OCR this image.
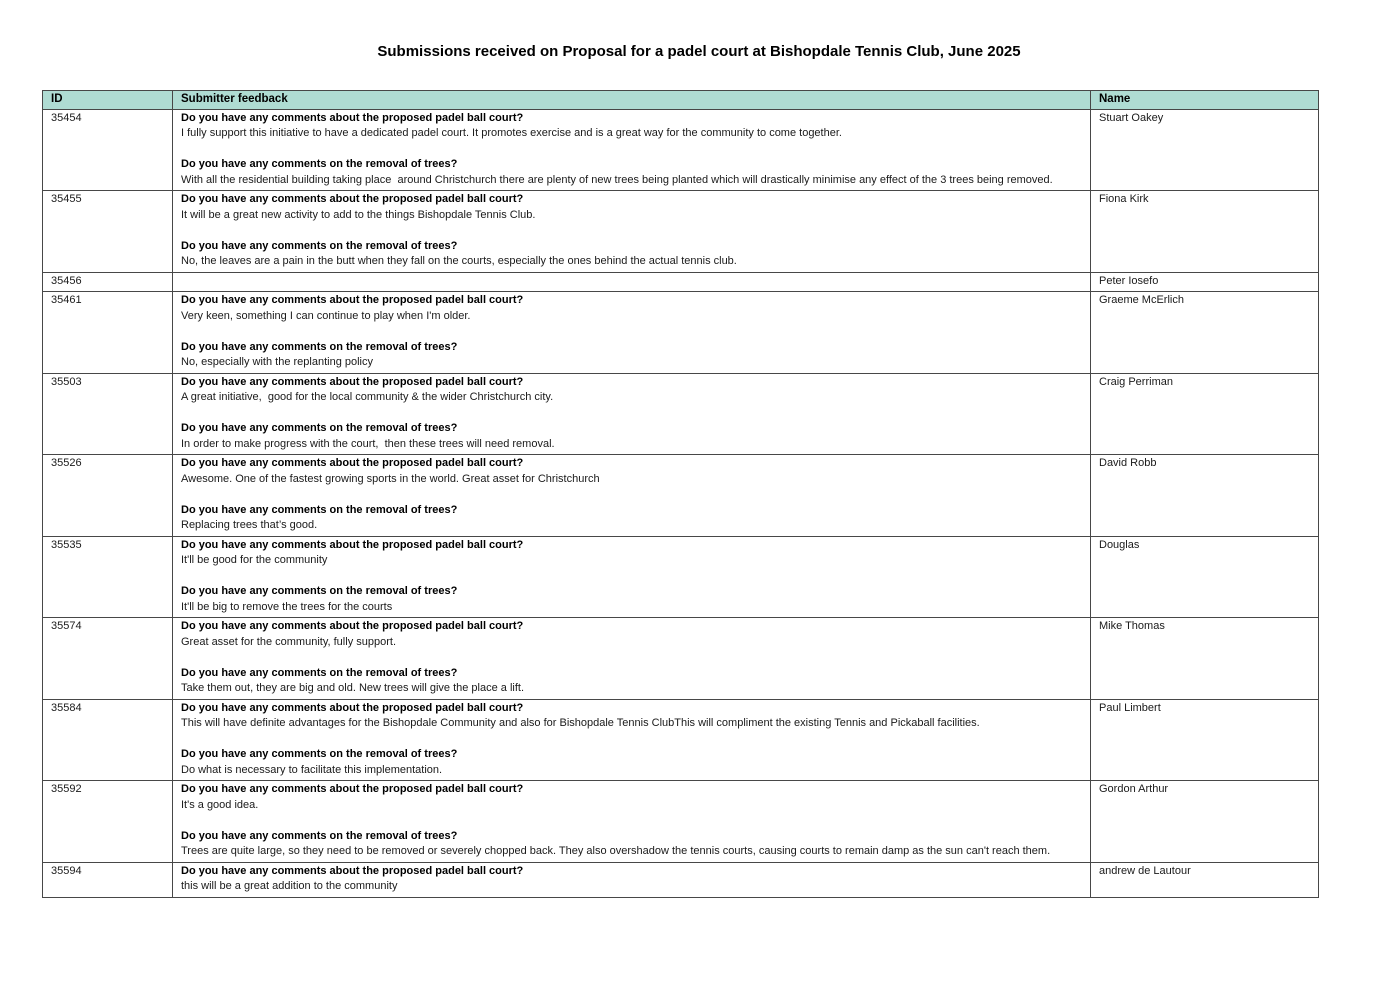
Submissions received on Proposal for a padel court at Bishopdale Tennis Club, June 2025
ID	Submitter feedback	Name
35454	Do you have any comments about the proposed padel ball court?
I fully support this initiative to have a dedicated padel court. It promotes exercise and is a great way for the community to come together.
Do you have any comments on the removal of trees?
With all the residential building taking place  around Christchurch there are plenty of new trees being planted which will drastically minimise any effect of the 3 trees being removed.	Stuart Oakey
35455	Do you have any comments about the proposed padel ball court?
It will be a great new activity to add to the things Bishopdale Tennis Club.
Do you have any comments on the removal of trees?
No, the leaves are a pain in the butt when they fall on the courts, especially the ones behind the actual tennis club.	Fiona Kirk
35456		Peter Iosefo
35461	Do you have any comments about the proposed padel ball court?
Very keen, something I can continue to play when I'm older.
Do you have any comments on the removal of trees?
No, especially with the replanting policy	Graeme McErlich
35503	Do you have any comments about the proposed padel ball court?
A great initiative,  good for the local community & the wider Christchurch city.
Do you have any comments on the removal of trees?
In order to make progress with the court,  then these trees will need removal.	Craig Perriman
35526	Do you have any comments about the proposed padel ball court?
Awesome. One of the fastest growing sports in the world. Great asset for Christchurch
Do you have any comments on the removal of trees?
Replacing trees that’s good.	David Robb
35535	Do you have any comments about the proposed padel ball court?
It'll be good for the community
Do you have any comments on the removal of trees?
It'll be big to remove the trees for the courts	Douglas
35574	Do you have any comments about the proposed padel ball court?
Great asset for the community, fully support.
Do you have any comments on the removal of trees?
Take them out, they are big and old. New trees will give the place a lift.	Mike Thomas
35584	Do you have any comments about the proposed padel ball court?
This will have definite advantages for the Bishopdale Community and also for Bishopdale Tennis ClubThis will compliment the existing Tennis and Pickaball facilities.
Do you have any comments on the removal of trees?
Do what is necessary to facilitate this implementation.	Paul Limbert
35592	Do you have any comments about the proposed padel ball court?
It's a good idea.
Do you have any comments on the removal of trees?
Trees are quite large, so they need to be removed or severely chopped back. They also overshadow the tennis courts, causing courts to remain damp as the sun can't reach them.	Gordon Arthur
35594	Do you have any comments about the proposed padel ball court?
this will be a great addition to the community	andrew de Lautour
